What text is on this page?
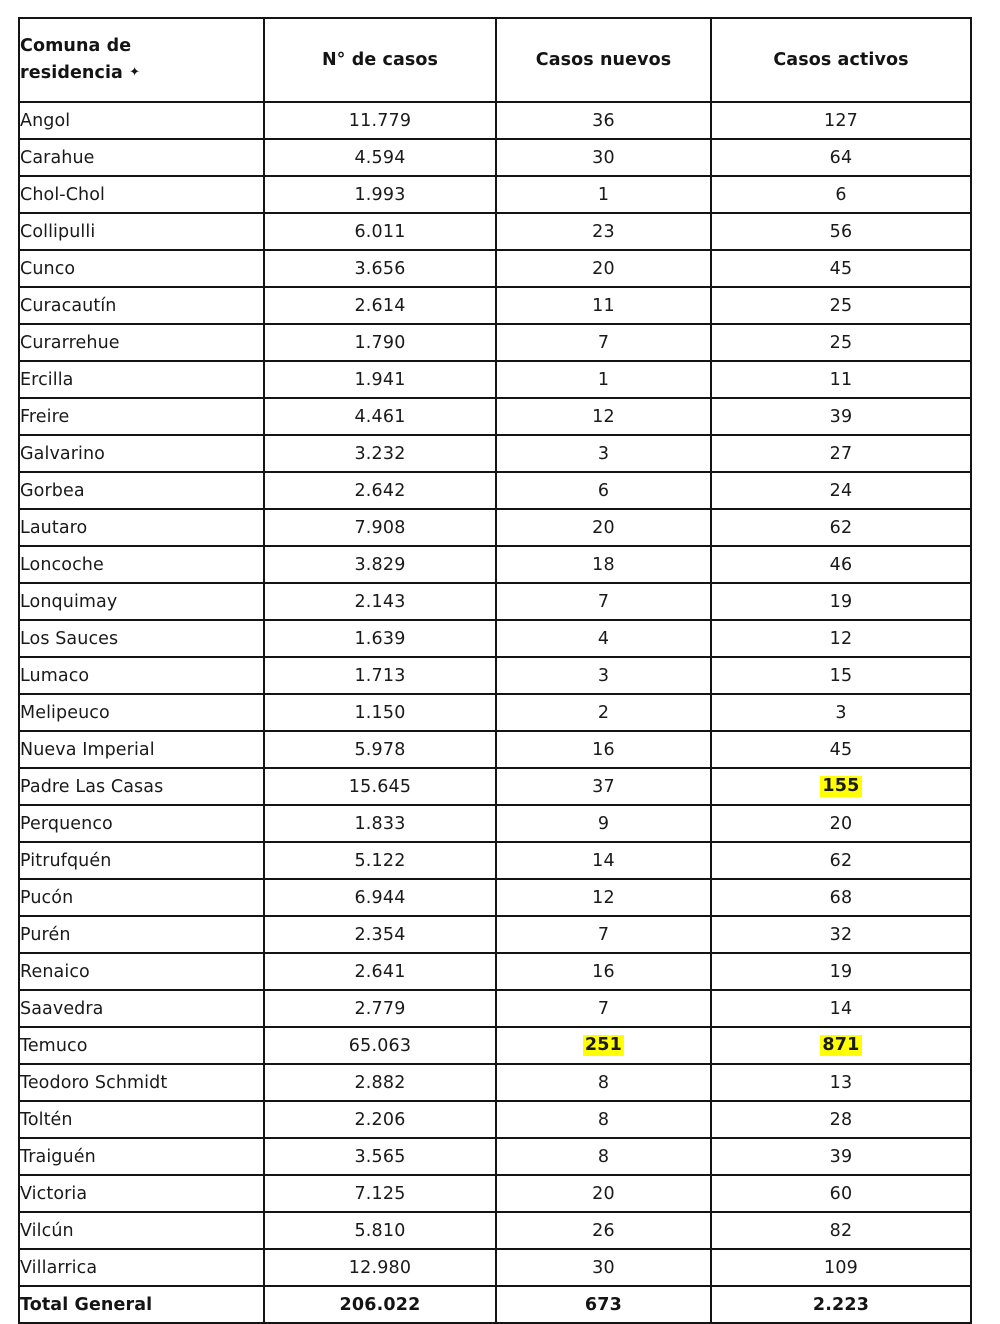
Comuna de
residencia ✦	N° de casos	Casos nuevos	Casos activos
Angol	11.779	36	127
Carahue	4.594	30	64
Chol-Chol	1.993	1	6
Collipulli	6.011	23	56
Cunco	3.656	20	45
Curacautín	2.614	11	25
Curarrehue	1.790	7	25
Ercilla	1.941	1	11
Freire	4.461	12	39
Galvarino	3.232	3	27
Gorbea	2.642	6	24
Lautaro	7.908	20	62
Loncoche	3.829	18	46
Lonquimay	2.143	7	19
Los Sauces	1.639	4	12
Lumaco	1.713	3	15
Melipeuco	1.150	2	3
Nueva Imperial	5.978	16	45
Padre Las Casas	15.645	37	155
Perquenco	1.833	9	20
Pitrufquén	5.122	14	62
Pucón	6.944	12	68
Purén	2.354	7	32
Renaico	2.641	16	19
Saavedra	2.779	7	14
Temuco	65.063	251	871
Teodoro Schmidt	2.882	8	13
Toltén	2.206	8	28
Traiguén	3.565	8	39
Victoria	7.125	20	60
Vilcún	5.810	26	82
Villarrica	12.980	30	109
Total General	206.022	673	2.223
